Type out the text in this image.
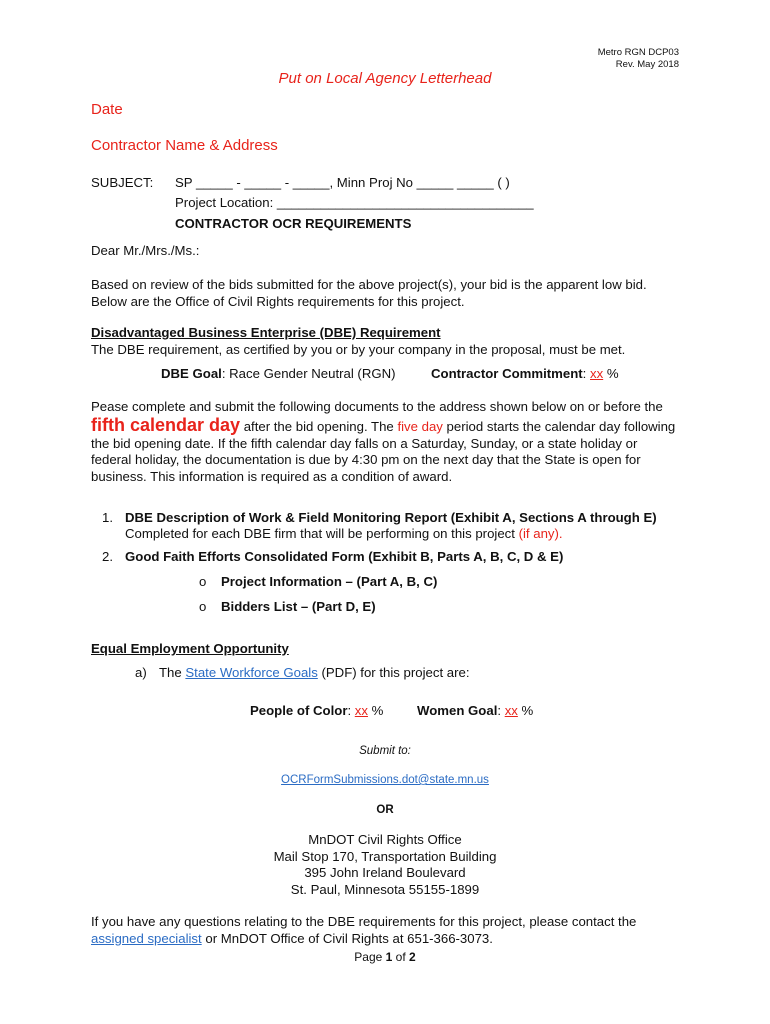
Metro RGN DCP03
Rev. May 2018
Put on Local Agency Letterhead
Date
Contractor Name & Address
SUBJECT: SP _____ - _____ - _____, Minn Proj No _____ _____ ( )
Project Location: ___________________________________
CONTRACTOR OCR REQUIREMENTS
Dear Mr./Mrs./Ms.:
Based on review of the bids submitted for the above project(s), your bid is the apparent low bid.
Below are the Office of Civil Rights requirements for this project.
Disadvantaged Business Enterprise (DBE) Requirement
The DBE requirement, as certified by you or by your company in the proposal, must be met.
DBE Goal: Race Gender Neutral (RGN)	Contractor Commitment: xx %
Pease complete and submit the following documents to the address shown below on or before the
fifth calendar day after the bid opening. The five day period starts the calendar day following
the bid opening date. If the fifth calendar day falls on a Saturday, Sunday, or a state holiday or
federal holiday, the documentation is due by 4:30 pm on the next day that the State is open for
business. This information is required as a condition of award.
1. DBE Description of Work & Field Monitoring Report (Exhibit A, Sections A through E)
Completed for each DBE firm that will be performing on this project (if any).
2. Good Faith Efforts Consolidated Form (Exhibit B, Parts A, B, C, D & E)
o Project Information – (Part A, B, C)
o Bidders List – (Part D, E)
Equal Employment Opportunity
a) The State Workforce Goals (PDF) for this project are:
People of Color: xx %	Women Goal: xx %
Submit to:
OCRFormSubmissions.dot@state.mn.us
OR
MnDOT Civil Rights Office
Mail Stop 170, Transportation Building
395 John Ireland Boulevard
St. Paul, Minnesota 55155-1899
If you have any questions relating to the DBE requirements for this project, please contact the
assigned specialist or MnDOT Office of Civil Rights at 651-366-3073.
Page 1 of 2
